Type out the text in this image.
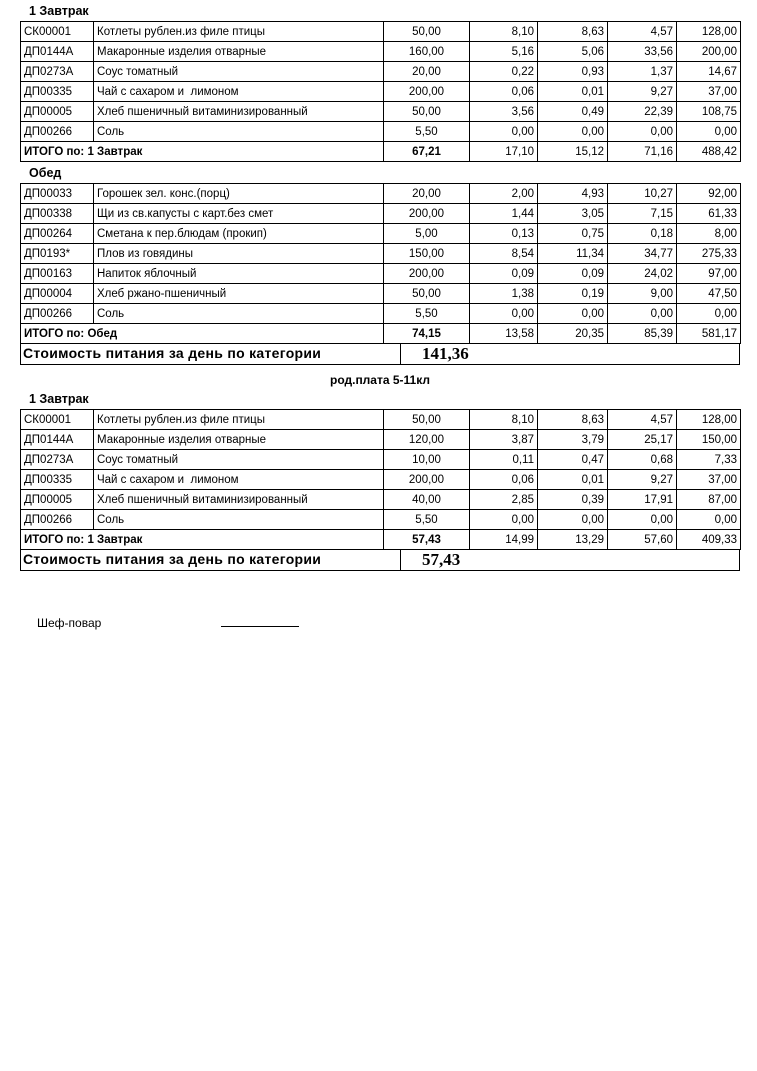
1 Завтрак
СК00001	Котлеты рублен.из филе птицы	50,00	8,10	8,63	4,57	128,00
ДП0144А	Макаронные изделия отварные	160,00	5,16	5,06	33,56	200,00
ДП0273А	Соус томатный	20,00	0,22	0,93	1,37	14,67
ДП00335	Чай с сахаром и  лимоном	200,00	0,06	0,01	9,27	37,00
ДП00005	Хлеб пшеничный витаминизированный	50,00	3,56	0,49	22,39	108,75
ДП00266	Соль	5,50	0,00	0,00	0,00	0,00
ИТОГО по: 1 Завтрак		67,21	17,10	15,12	71,16	488,42
Обед
ДП00033	Горошек зел. конс.(порц)	20,00	2,00	4,93	10,27	92,00
ДП00338	Щи из св.капусты с карт.без смет	200,00	1,44	3,05	7,15	61,33
ДП00264	Сметана к пер.блюдам (прокип)	5,00	0,13	0,75	0,18	8,00
ДП0193*	Плов из говядины	150,00	8,54	11,34	34,77	275,33
ДП00163	Напиток яблочный	200,00	0,09	0,09	24,02	97,00
ДП00004	Хлеб ржано-пшеничный	50,00	1,38	0,19	9,00	47,50
ДП00266	Соль	5,50	0,00	0,00	0,00	0,00
ИТОГО по: Обед		74,15	13,58	20,35	85,39	581,17
Стоимость питания за день по категории	141,36
род.плата 5-11кл
1 Завтрак
СК00001	Котлеты рублен.из филе птицы	50,00	8,10	8,63	4,57	128,00
ДП0144А	Макаронные изделия отварные	120,00	3,87	3,79	25,17	150,00
ДП0273А	Соус томатный	10,00	0,11	0,47	0,68	7,33
ДП00335	Чай с сахаром и  лимоном	200,00	0,06	0,01	9,27	37,00
ДП00005	Хлеб пшеничный витаминизированный	40,00	2,85	0,39	17,91	87,00
ДП00266	Соль	5,50	0,00	0,00	0,00	0,00
ИТОГО по: 1 Завтрак		57,43	14,99	13,29	57,60	409,33
Стоимость питания за день по категории	57,43
Шеф-повар
